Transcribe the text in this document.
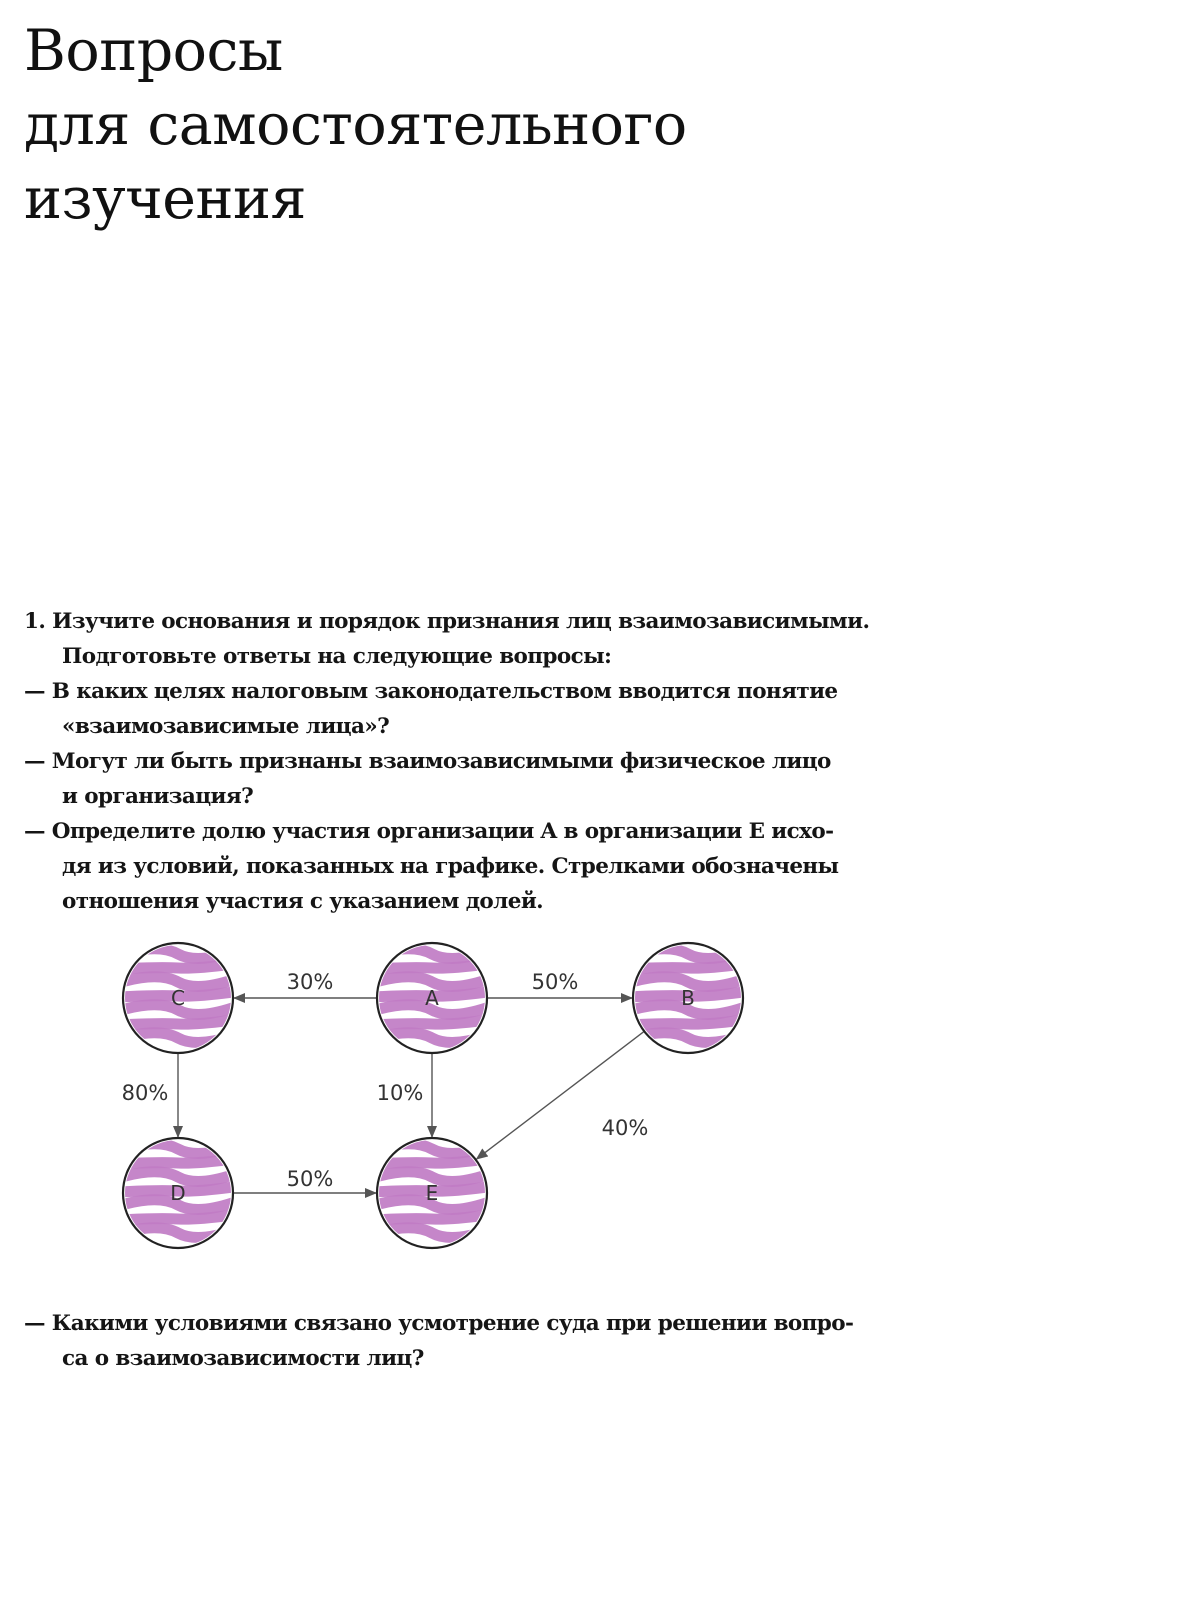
Вопросы
для самостоятельного
изучения
1. Изучите основания и порядок признания лиц взаимозависимыми.
Подготовьте ответы на следующие вопросы:
— В каких целях налоговым законодательством вводится понятие
«взаимозависимые лица»?
— Могут ли быть признаны взаимозависимыми физическое лицо
и организация?
— Определите долю участия организации A в организации E исхо-
дя из условий, показанных на графике. Стрелками обозначены
отношения участия с указанием долей.
C	A	B
D	E
30%	50%
80%	10%
40%
50%
— Какими условиями связано усмотрение суда при решении вопро-
са о взаимозависимости лиц?
